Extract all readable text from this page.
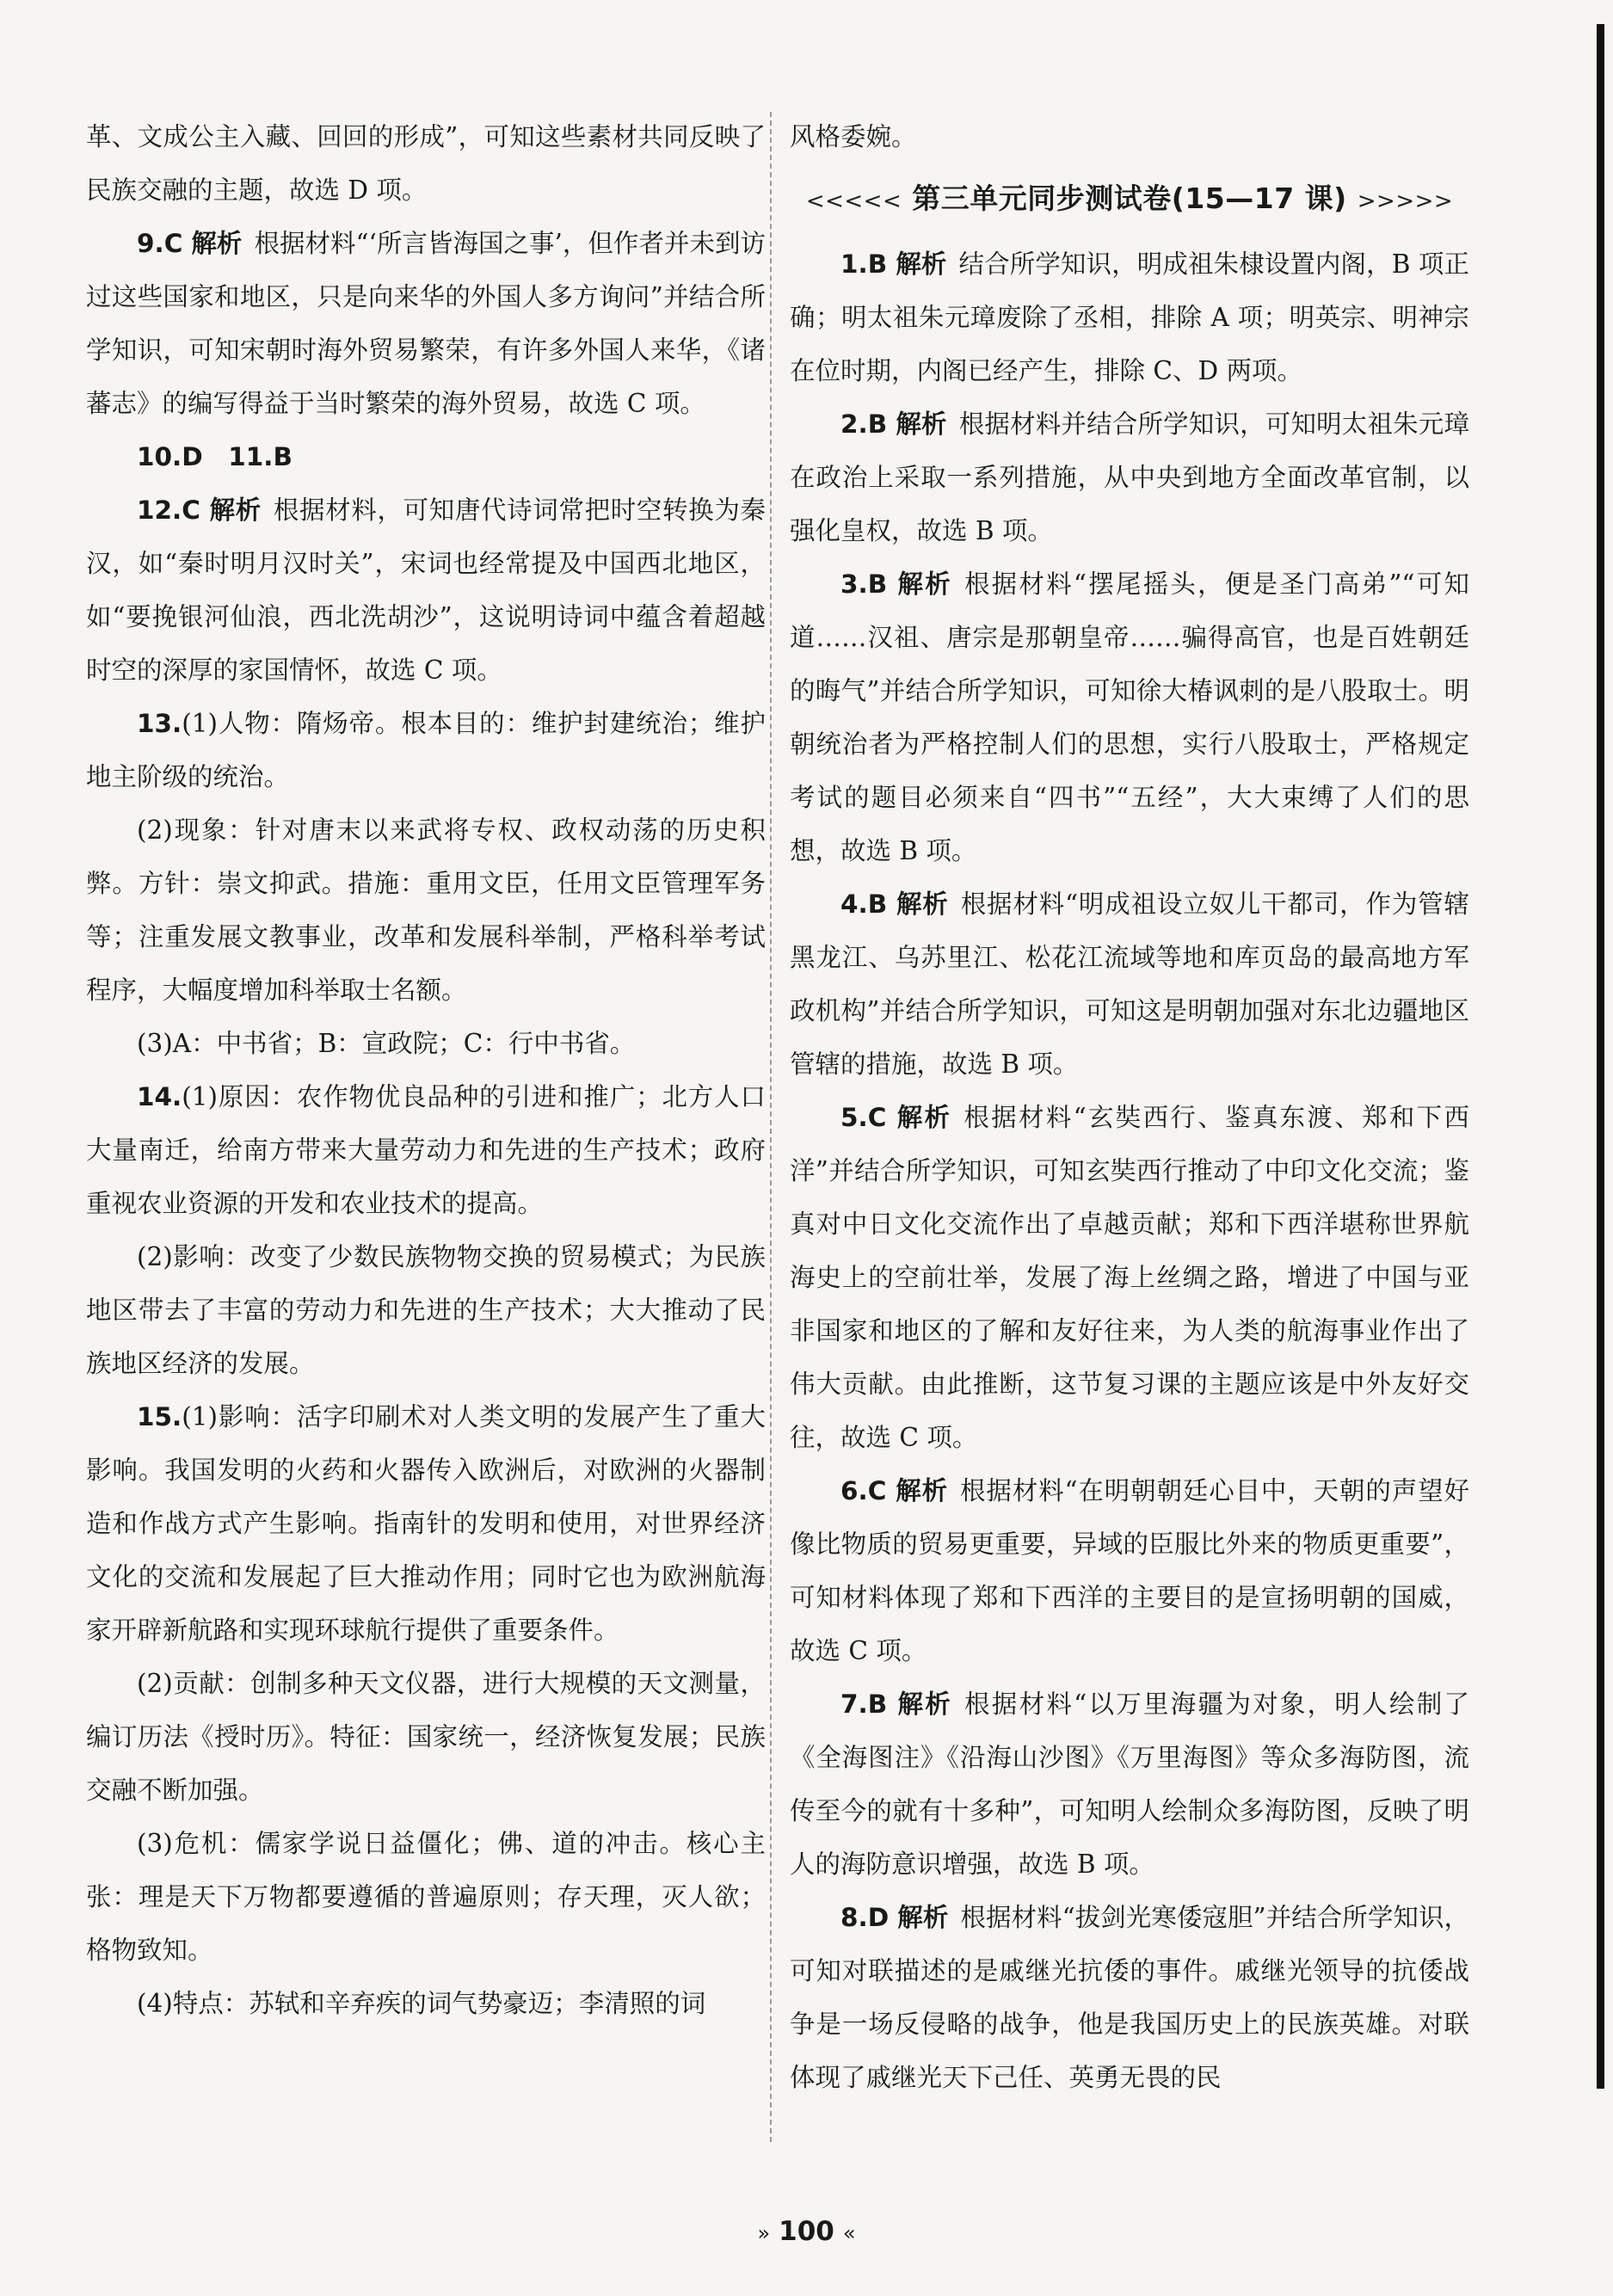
革、文成公主入藏、回回的形成”，可知这些素材共同反映了民族交融的主题，故选 D 项。

9.C 解析 根据材料“‘所言皆海国之事’，但作者并未到访过这些国家和地区，只是向来华的外国人多方询问”并结合所学知识，可知宋朝时海外贸易繁荣，有许多外国人来华，《诸蕃志》的编写得益于当时繁荣的海外贸易，故选 C 项。

10.D　11.B

12.C 解析 根据材料，可知唐代诗词常把时空转换为秦汉，如“秦时明月汉时关”，宋词也经常提及中国西北地区，如“要挽银河仙浪，西北洗胡沙”，这说明诗词中蕴含着超越时空的深厚的家国情怀，故选 C 项。

13.(1)人物：隋炀帝。根本目的：维护封建统治；维护地主阶级的统治。

(2)现象：针对唐末以来武将专权、政权动荡的历史积弊。方针：崇文抑武。措施：重用文臣，任用文臣管理军务等；注重发展文教事业，改革和发展科举制，严格科举考试程序，大幅度增加科举取士名额。

(3)A：中书省；B：宣政院；C：行中书省。

14.(1)原因：农作物优良品种的引进和推广；北方人口大量南迁，给南方带来大量劳动力和先进的生产技术；政府重视农业资源的开发和农业技术的提高。

(2)影响：改变了少数民族物物交换的贸易模式；为民族地区带去了丰富的劳动力和先进的生产技术；大大推动了民族地区经济的发展。

15.(1)影响：活字印刷术对人类文明的发展产生了重大影响。我国发明的火药和火器传入欧洲后，对欧洲的火器制造和作战方式产生影响。指南针的发明和使用，对世界经济文化的交流和发展起了巨大推动作用；同时它也为欧洲航海家开辟新航路和实现环球航行提供了重要条件。

(2)贡献：创制多种天文仪器，进行大规模的天文测量，编订历法《授时历》。特征：国家统一，经济恢复发展；民族交融不断加强。

(3)危机：儒家学说日益僵化；佛、道的冲击。核心主张：理是天下万物都要遵循的普遍原则；存天理，灭人欲；格物致知。

(4)特点：苏轼和辛弃疾的词气势豪迈；李清照的词

风格委婉。

<<<<< 第三单元同步测试卷(15—17 课) >>>>>

1.B 解析 结合所学知识，明成祖朱棣设置内阁，B 项正确；明太祖朱元璋废除了丞相，排除 A 项；明英宗、明神宗在位时期，内阁已经产生，排除 C、D 两项。

2.B 解析 根据材料并结合所学知识，可知明太祖朱元璋在政治上采取一系列措施，从中央到地方全面改革官制，以强化皇权，故选 B 项。

3.B 解析 根据材料“摆尾摇头，便是圣门高弟”“可知道……汉祖、唐宗是那朝皇帝……骗得高官，也是百姓朝廷的晦气”并结合所学知识，可知徐大椿讽刺的是八股取士。明朝统治者为严格控制人们的思想，实行八股取士，严格规定考试的题目必须来自“四书”“五经”，大大束缚了人们的思想，故选 B 项。

4.B 解析 根据材料“明成祖设立奴儿干都司，作为管辖黑龙江、乌苏里江、松花江流域等地和库页岛的最高地方军政机构”并结合所学知识，可知这是明朝加强对东北边疆地区管辖的措施，故选 B 项。

5.C 解析 根据材料“玄奘西行、鉴真东渡、郑和下西洋”并结合所学知识，可知玄奘西行推动了中印文化交流；鉴真对中日文化交流作出了卓越贡献；郑和下西洋堪称世界航海史上的空前壮举，发展了海上丝绸之路，增进了中国与亚非国家和地区的了解和友好往来，为人类的航海事业作出了伟大贡献。由此推断，这节复习课的主题应该是中外友好交往，故选 C 项。

6.C 解析 根据材料“在明朝朝廷心目中，天朝的声望好像比物质的贸易更重要，异域的臣服比外来的物质更重要”，可知材料体现了郑和下西洋的主要目的是宣扬明朝的国威，故选 C 项。

7.B 解析 根据材料“以万里海疆为对象，明人绘制了《全海图注》《沿海山沙图》《万里海图》等众多海防图，流传至今的就有十多种”，可知明人绘制众多海防图，反映了明人的海防意识增强，故选 B 项。

8.D 解析 根据材料“拔剑光寒倭寇胆”并结合所学知识，可知对联描述的是戚继光抗倭的事件。戚继光领导的抗倭战争是一场反侵略的战争，他是我国历史上的民族英雄。对联体现了戚继光天下己任、英勇无畏的民

» 100 «
